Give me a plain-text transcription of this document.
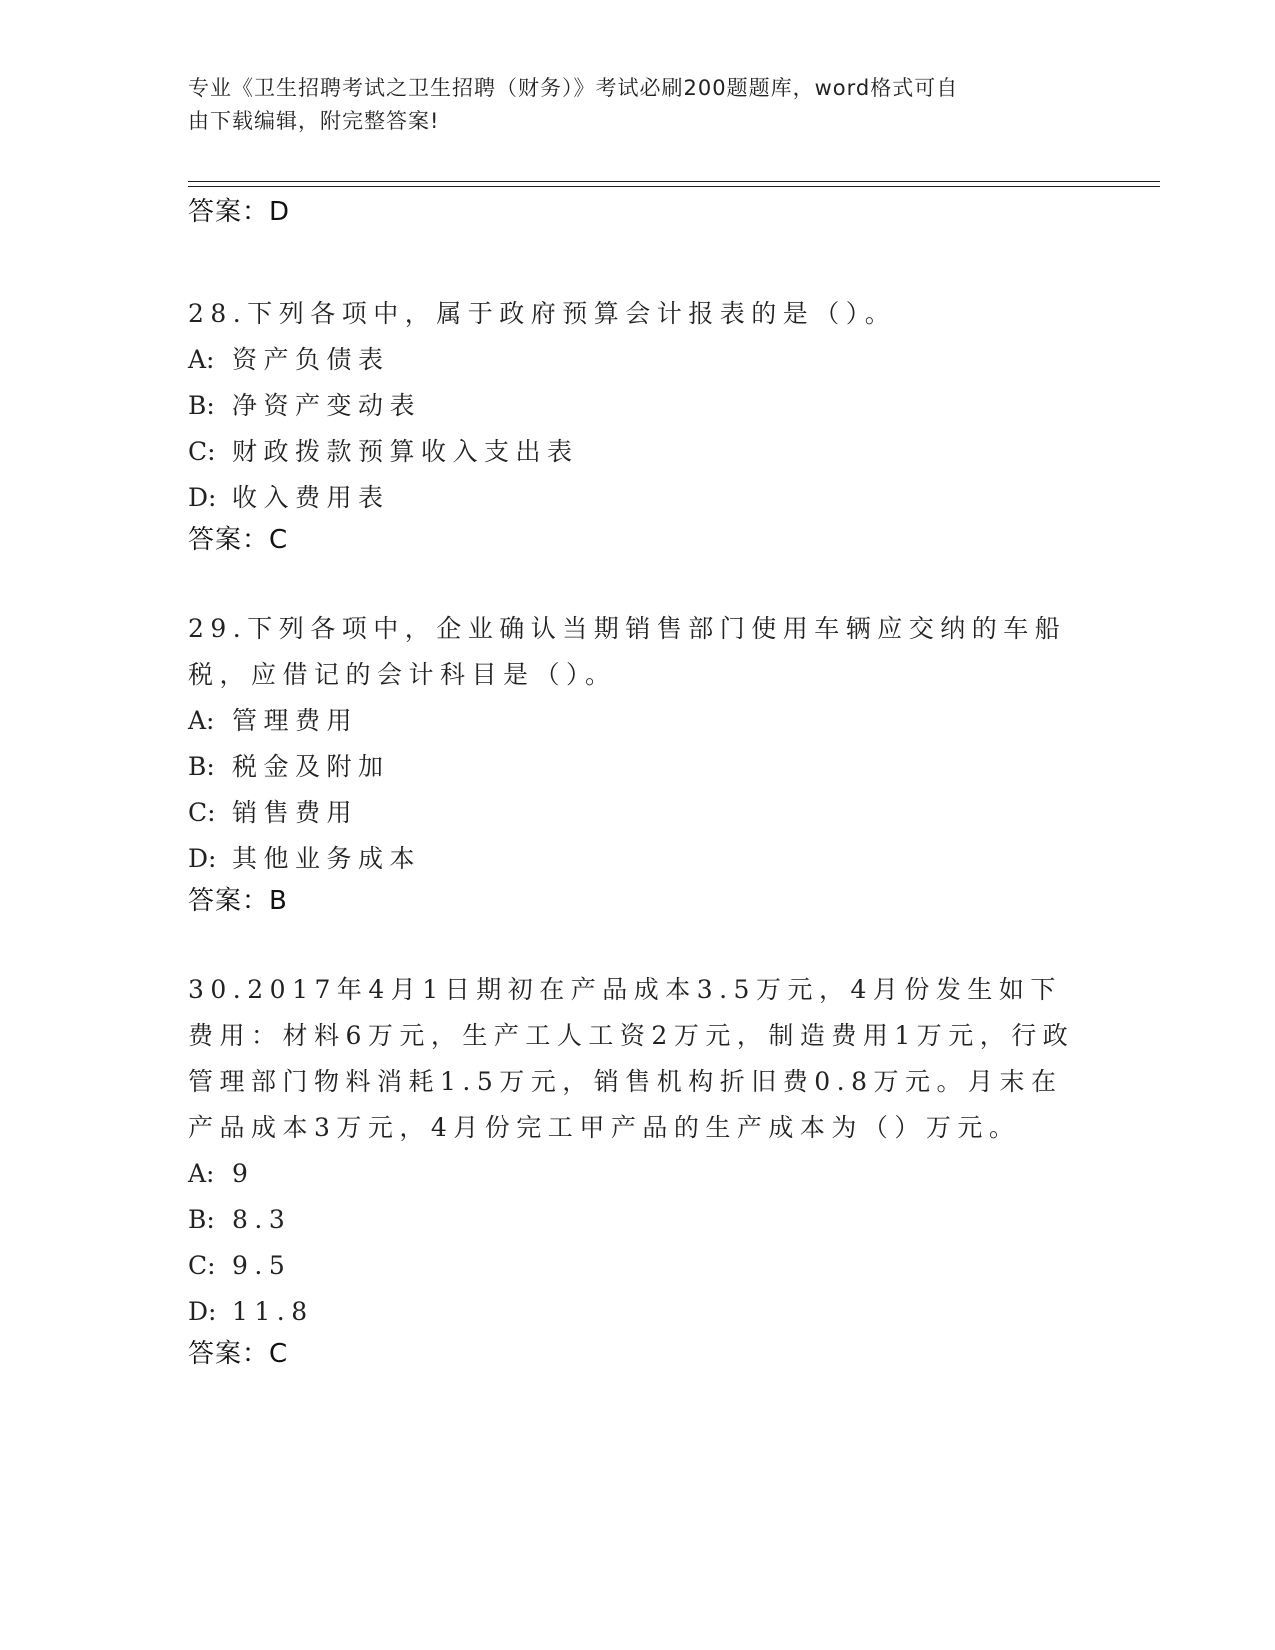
专业《卫生招聘考试之卫生招聘（财务）》考试必刷200题题库，word格式可自
由下载编辑，附完整答案!
答案：D

28.下列各项中，属于政府预算会计报表的是（）。

A: 资产负债表
B: 净资产变动表
C: 财政拨款预算收入支出表
D: 收入费用表
答案：C

29.下列各项中，企业确认当期销售部门使用车辆应交纳的车船税，应借记的会计科目是（）。

A: 管理费用
B: 税金及附加
C: 销售费用
D: 其他业务成本
答案：B

30.2017年4月1日期初在产品成本3.5万元，4月份发生如下费用：材料6万元，生产工人工资2万元，制造费用1万元，行政管理部门物料消耗1.5万元，销售机构折旧费0.8万元。月末在产品成本3万元，4月份完工甲产品的生产成本为（）万元。

A: 9
B: 8.3
C: 9.5
D: 11.8
答案：C
